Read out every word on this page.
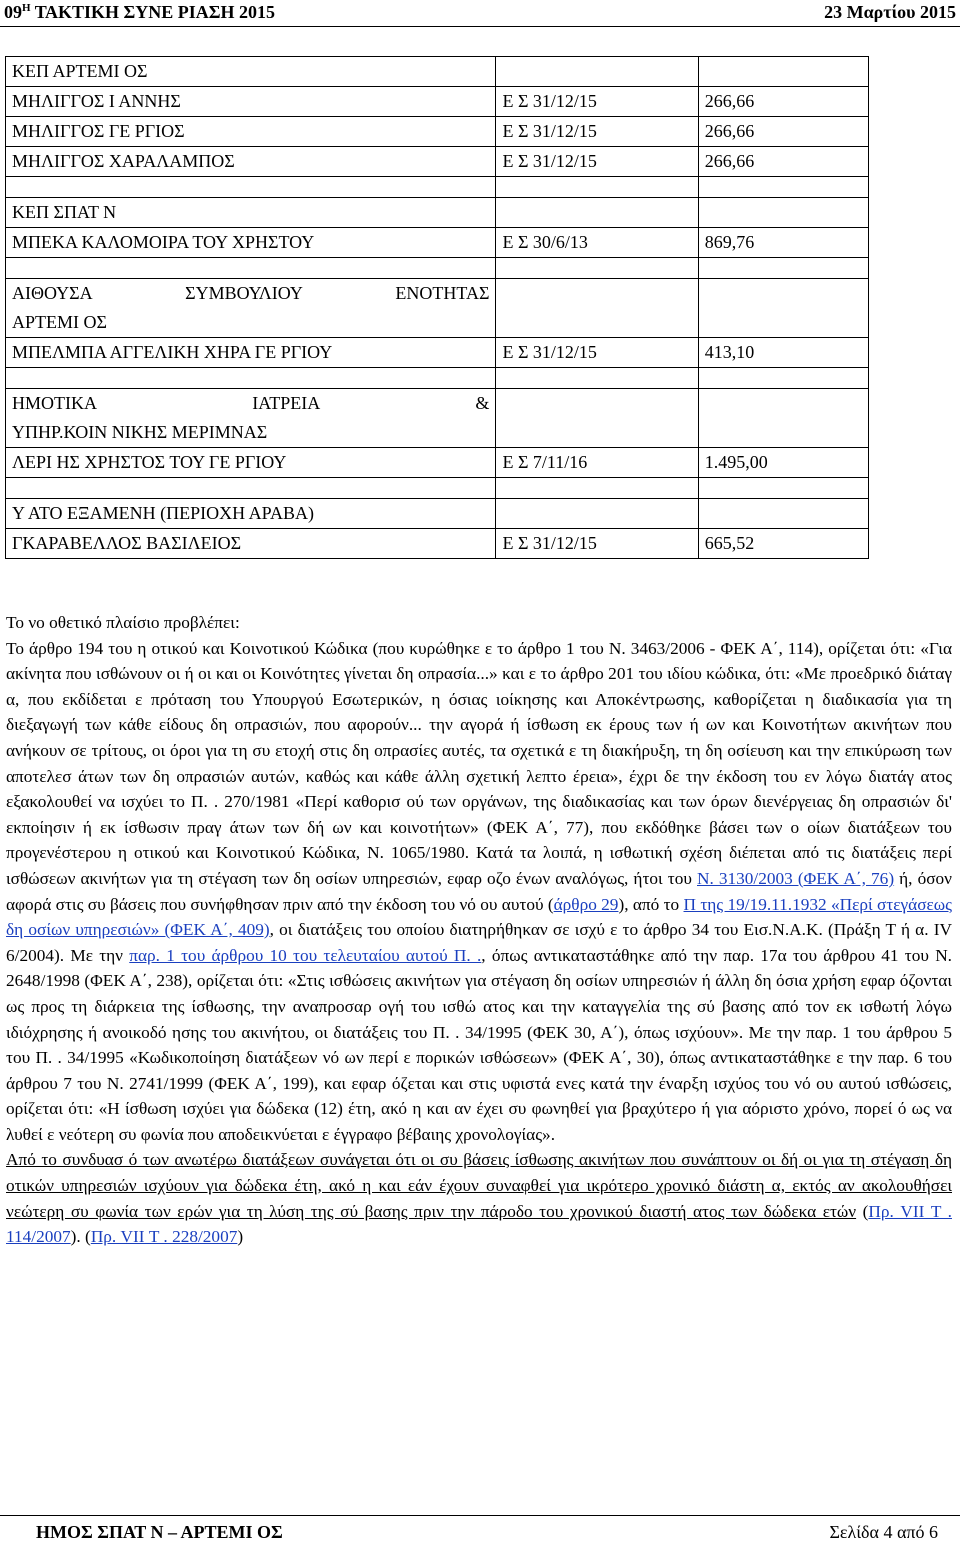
$09^H$ ΤΑΚΤΙΚΗ ΣΥΝΕ ΡΙΑΣΗ 2015	23 Μαρτίου 2015
ΚΕΠ ΑΡΤΕΜΙ ΟΣ		
ΜΗΛΙΓΓΟΣ Ι ΑΝΝΗΣ	Ε Σ 31/12/15	266,66
ΜΗΛΙΓΓΟΣ ΓΕ ΡΓΙΟΣ	Ε Σ 31/12/15	266,66
ΜΗΛΙΓΓΟΣ ΧΑΡΑΛΑΜΠΟΣ	Ε Σ 31/12/15	266,66

ΚΕΠ ΣΠΑΤ Ν		
ΜΠΕΚΑ ΚΑΛΟΜΟΙΡΑ ΤΟΥ ΧΡΗΣΤΟΥ	Ε Σ 30/6/13	869,76

ΑΙΘΟΥΣΑ ΣΥΜΒΟΥΛΙΟΥ ΕΝΟΤΗΤΑΣ
ΑΡΤΕΜΙ ΟΣ		

ΜΠΕΛΜΠΑ ΑΓΓΕΛΙΚΗ ΧΗΡΑ ΓΕ ΡΓΙΟΥ	Ε Σ 31/12/15	413,10

ΗΜΟΤΙΚΑ ΙΑΤΡΕΙΑ &
ΥΠΗΡ.ΚΟΙΝ ΝΙΚΗΣ ΜΕΡΙΜΝΑΣ		

ΛΕΡΙ ΗΣ ΧΡΗΣΤΟΣ ΤΟΥ ΓΕ ΡΓΙΟΥ	Ε Σ 7/11/16	1.495,00

Υ ΑΤΟ ΕΞΑΜΕΝΗ (ΠΕΡΙΟΧΗ ΑΡΑΒΑ)		
ΓΚΑΡΑΒΕΛΛΟΣ ΒΑΣΙΛΕΙΟΣ	Ε Σ 31/12/15	665,52

Το νο οθετικό πλαίσιο προβλέπει:

Το άρθρο 194 του η οτικού και Κοινοτικού Κώδικα (που κυρώθηκε ε το άρθρο 1 του Ν. 3463/2006 - ΦΕΚ Α΄, 114), ορίζεται ότι: «Για ακίνητα που ισθώνουν οι ή οι και οι Κοινότητες γίνεται δη οπρασία...» και ε το άρθρο 201 του ιδίου κώδικα, ότι: «Με προεδρικό διάταγ α, που εκδίδεται ε πρόταση του Υπουργού Εσωτερικών, η όσιας ιοίκησης και Αποκέντρωσης, καθορίζεται η διαδικασία για τη διεξαγωγή των κάθε είδους δη οπρασιών, που αφορούν... την αγορά ή ίσθωση εκ έρους των ή ων και Κοινοτήτων ακινήτων που ανήκουν σε τρίτους, οι όροι για τη συ ετοχή στις δη οπρασίες αυτές, τα σχετικά ε τη διακήρυξη, τη δη οσίευση και την επικύρωση των αποτελεσ άτων των δη οπρασιών αυτών, καθώς και κάθε άλλη σχετική λεπτο έρεια», έχρι δε την έκδοση του εν λόγω διατάγ ατος εξακολουθεί να ισχύει το Π. . 270/1981 «Περί καθορισ ού των οργάνων, της διαδικασίας και των όρων διενέργειας δη οπρασιών δι' εκποίησιν ή εκ ίσθωσιν πραγ άτων των δή ων και κοινοτήτων» (ΦΕΚ Α΄, 77), που εκδόθηκε βάσει των ο οίων διατάξεων του προγενέστερου η οτικού και Κοινοτικού Κώδικα, Ν. 1065/1980. Κατά τα λοιπά, η ισθωτική σχέση διέπεται από τις διατάξεις περί ισθώσεων ακινήτων για τη στέγαση των δη οσίων υπηρεσιών, εφαρ οζο ένων αναλόγως, ήτοι του Ν. 3130/2003 (ΦΕΚ Α΄, 76) ή, όσον αφορά στις συ βάσεις που συνήφθησαν πριν από την έκδοση του νό ου αυτού (άρθρο 29), από το Π της 19/19.11.1932 «Περί στεγάσεως δη οσίων υπηρεσιών» (ΦΕΚ Α΄, 409), οι διατάξεις του οποίου διατηρήθηκαν σε ισχύ ε το άρθρο 34 του Εισ.Ν.Α.Κ. (Πράξη Τ ή α. IV 6/2004). Με την παρ. 1 του άρθρου 10 του τελευταίου αυτού Π. ., όπως αντικαταστάθηκε από την παρ. 17α του άρθρου 41 του Ν. 2648/1998 (ΦΕΚ Α΄, 238), ορίζεται ότι: «Στις ισθώσεις ακινήτων για στέγαση δη οσίων υπηρεσιών ή άλλη δη όσια χρήση εφαρ όζονται ως προς τη διάρκεια της ίσθωσης, την αναπροσαρ ογή του ισθώ ατος και την καταγγελία της σύ βασης από τον εκ ισθωτή λόγω ιδιόχρησης ή ανοικοδό ησης του ακινήτου, οι διατάξεις του Π. . 34/1995 (ΦΕΚ 30, Α΄), όπως ισχύουν». Με την παρ. 1 του άρθρου 5 του Π. . 34/1995 «Κωδικοποίηση διατάξεων νό ων περί ε πορικών ισθώσεων» (ΦΕΚ Α΄, 30), όπως αντικαταστάθηκε ε την παρ. 6 του άρθρου 7 του Ν. 2741/1999 (ΦΕΚ Α΄, 199), και εφαρ όζεται και στις υφιστά ενες κατά την έναρξη ισχύος του νό ου αυτού ισθώσεις, ορίζεται ότι: «Η ίσθωση ισχύει για δώδεκα (12) έτη, ακό η και αν έχει συ φωνηθεί για βραχύτερο ή για αόριστο χρόνο, πορεί ό ως να λυθεί ε νεότερη συ φωνία που αποδεικνύεται ε έγγραφο βέβαιης χρονολογίας».

Από το συνδυασ ό των ανωτέρω διατάξεων συνάγεται ότι οι συ βάσεις ίσθωσης ακινήτων που συνάπτουν οι δή οι για τη στέγαση δη οτικών υπηρεσιών ισχύουν για δώδεκα έτη, ακό η και εάν έχουν συναφθεί για ικρότερο χρονικό διάστη α, εκτός αν ακολουθήσει νεώτερη συ φωνία των ερών για τη λύση της σύ βασης πριν την πάροδο του χρονικού διαστή ατος των δώδεκα ετών (Πρ. VII Τ . 114/2007). (Πρ. VII Τ . 228/2007)

ΗΜΟΣ ΣΠΑΤ Ν – ΑΡΤΕΜΙ ΟΣ	Σελίδα 4 από 6
